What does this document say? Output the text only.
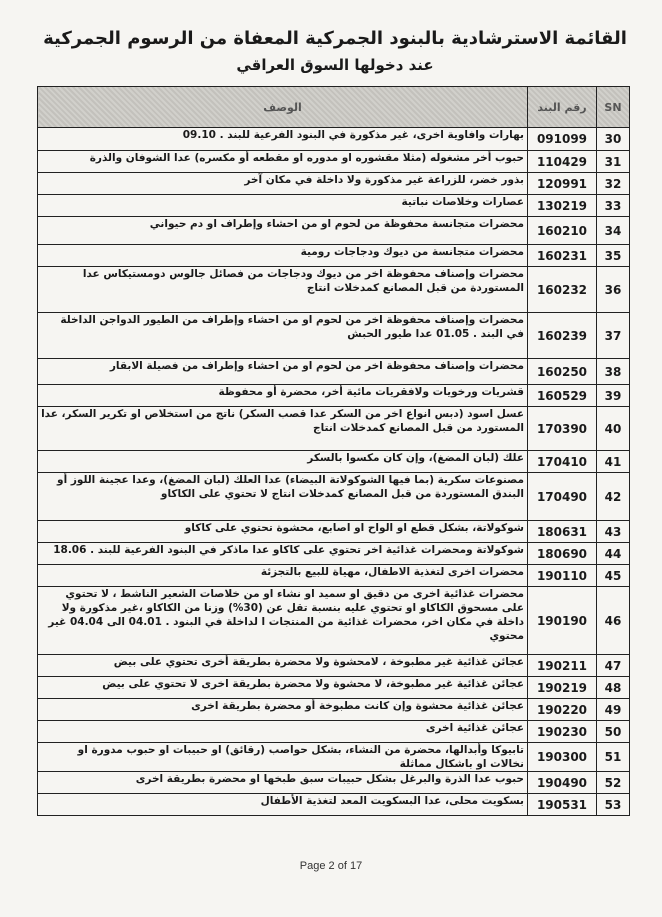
القائمة الاسترشادية بالبنود الجمركية المعفاة من الرسوم الجمركية
عند دخولها السوق العراقي
SN	رقم البند	الوصف
30	091099	بهارات وافاوية اخرى، غير مذكورة في البنود الفرعية للبند . 09.10
31	110429	حبوب أخر مشغوله (مثلا مقشوره او مدوره او مقطعه أو مكسره) عدا الشوفان والذرة
32	120991	بذور خضر، للزراعة غير مذكورة ولا داخلة في مكان آخر
33	130219	عصارات وخلاصات نباتية
34	160210	محضرات متجانسة محفوظة من لحوم او من احشاء وإطراف او دم حيواني
35	160231	محضرات متجانسة من ديوك ودجاجات رومية
36	160232	محضرات وإصناف محفوظة اخر من ديوك ودجاجات من فصائل جالوس دومستيكاس عدا المستوردة من قبل المصانع كمدخلات انتاج
37	160239	محضرات وإصناف محفوظة اخر من لحوم او من احشاء وإطراف من الطيور الدواجن الداخلة في البند . 01.05 عدا طيور الحبش
38	160250	محضرات وإصناف محفوظة اخر من لحوم او من احشاء وإطراف من فصيلة الابقار
39	160529	قشريات ورخويات ولافقريات مائية أخر، محضرة أو محفوظة
40	170390	عسل اسود (دبس انواع اخر من السكر عدا قصب السكر) ناتج من استخلاص او تكرير السكر، عدا المستورد من قبل المصانع كمدخلات انتاج
41	170410	علك (لبان المضغ)، وإن كان مكسوا بالسكر
42	170490	مصنوعات سكرية (بما فيها الشوكولاتة البيضاء) عدا العلك (لبان المضغ)، وعدا عجينة اللوز أو البندق المستوردة من قبل المصانع كمدخلات انتاج لا تحتوي على الكاكاو
43	180631	شوكولاتة، بشكل قطع او الواح او اصابع، محشوة تحتوي على كاكاو
44	180690	شوكولاتة ومحضرات غذائية اخر تحتوي على كاكاو عدا ماذكر في البنود الفرعية للبند . 18.06
45	190110	محضرات اخرى لتغذية الاطفال، مهياة للبيع بالتجزئة
46	190190	محضرات غذائية اخرى من دقيق او سميد او نشاء او من خلاصات الشعير الناشط ، لا تحتوي على مسحوق الكاكاو او تحتوي عليه بنسبة تقل عن (30%) وزنا من الكاكاو ،غير مذكورة ولا داخلة في مكان اخر، محضرات غذائية من المنتجات ا لداخلة في البنود . 04.01 الى 04.04 غير محتوي
47	190211	عجائن غذائية غير مطبوخة ، لامحشوة ولا محضرة بطريقة أخرى تحتوي على بيض
48	190219	عجائن غذائية غير مطبوخة، لا محشوة ولا محضرة بطريقة اخرى لا تحتوي على بيض
49	190220	عجائن غذائية محشوة وإن كانت مطبوخة أو محضرة بطريقة اخرى
50	190230	عجائن غذائية اخرى
51	190300	تابيوكا وأبدالها، محضرة من النشاء، بشكل حواصب (رقائق) او حبيبات او حبوب مدورة او نخالات او باشكال مماثلة
52	190490	حبوب عدا الذرة والبرغل بشكل حبيبات سبق طبخها او محضرة بطريقة اخرى
53	190531	بسكويت محلى، عدا البسكويت المعد لتغذية الأطفال
Page 2 of 17
